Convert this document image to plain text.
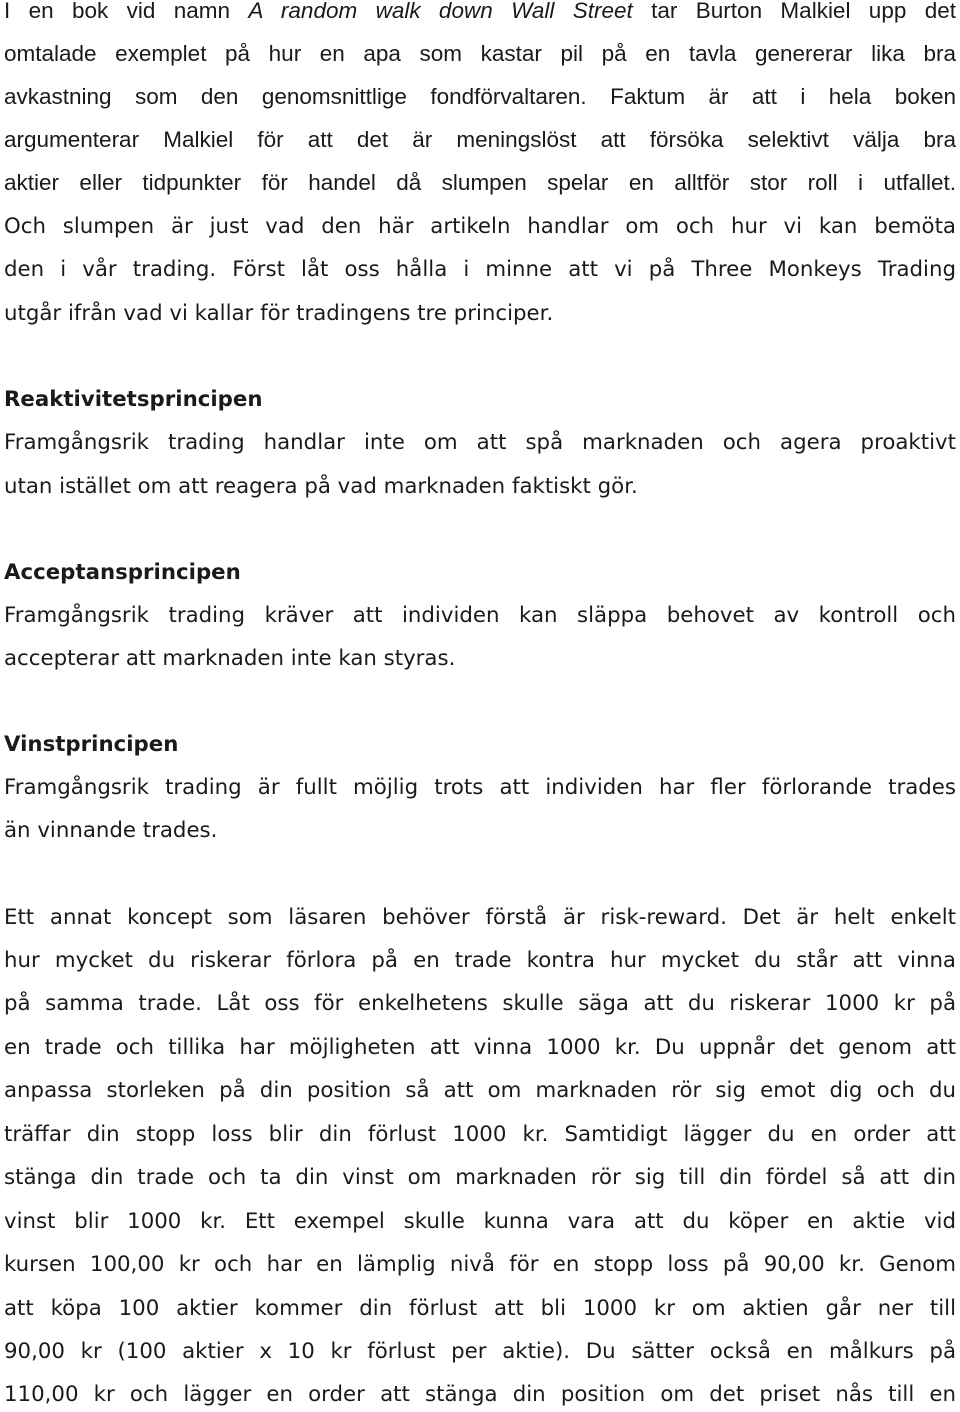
I en bok vid namn A random walk down Wall Street tar Burton Malkiel upp det
omtalade exemplet på hur en apa som kastar pil på en tavla genererar lika bra
avkastning som den genomsnittlige fondförvaltaren. Faktum är att i hela boken
argumenterar Malkiel för att det är meningslöst att försöka selektivt välja bra
aktier eller tidpunkter för handel då slumpen spelar en alltför stor roll i utfallet.
Och slumpen är just vad den här artikeln handlar om och hur vi kan bemöta
den i vår trading. Först låt oss hålla i minne att vi på Three Monkeys Trading
utgår ifrån vad vi kallar för tradingens tre principer.
Reaktivitetsprincipen
Framgångsrik trading handlar inte om att spå marknaden och agera proaktivt
utan istället om att reagera på vad marknaden faktiskt gör.
Acceptansprincipen
Framgångsrik trading kräver att individen kan släppa behovet av kontroll och
accepterar att marknaden inte kan styras.
Vinstprincipen
Framgångsrik trading är fullt möjlig trots att individen har fler förlorande trades
än vinnande trades.
Ett annat koncept som läsaren behöver förstå är risk-reward. Det är helt enkelt
hur mycket du riskerar förlora på en trade kontra hur mycket du står att vinna
på samma trade. Låt oss för enkelhetens skulle säga att du riskerar 1000 kr på
en trade och tillika har möjligheten att vinna 1000 kr. Du uppnår det genom att
anpassa storleken på din position så att om marknaden rör sig emot dig och du
träffar din stopp loss blir din förlust 1000 kr. Samtidigt lägger du en order att
stänga din trade och ta din vinst om marknaden rör sig till din fördel så att din
vinst blir 1000 kr. Ett exempel skulle kunna vara att du köper en aktie vid
kursen 100,00 kr och har en lämplig nivå för en stopp loss på 90,00 kr. Genom
att köpa 100 aktier kommer din förlust att bli 1000 kr om aktien går ner till
90,00 kr (100 aktier x 10 kr förlust per aktie). Du sätter också en målkurs på
110,00 kr och lägger en order att stänga din position om det priset nås till en
